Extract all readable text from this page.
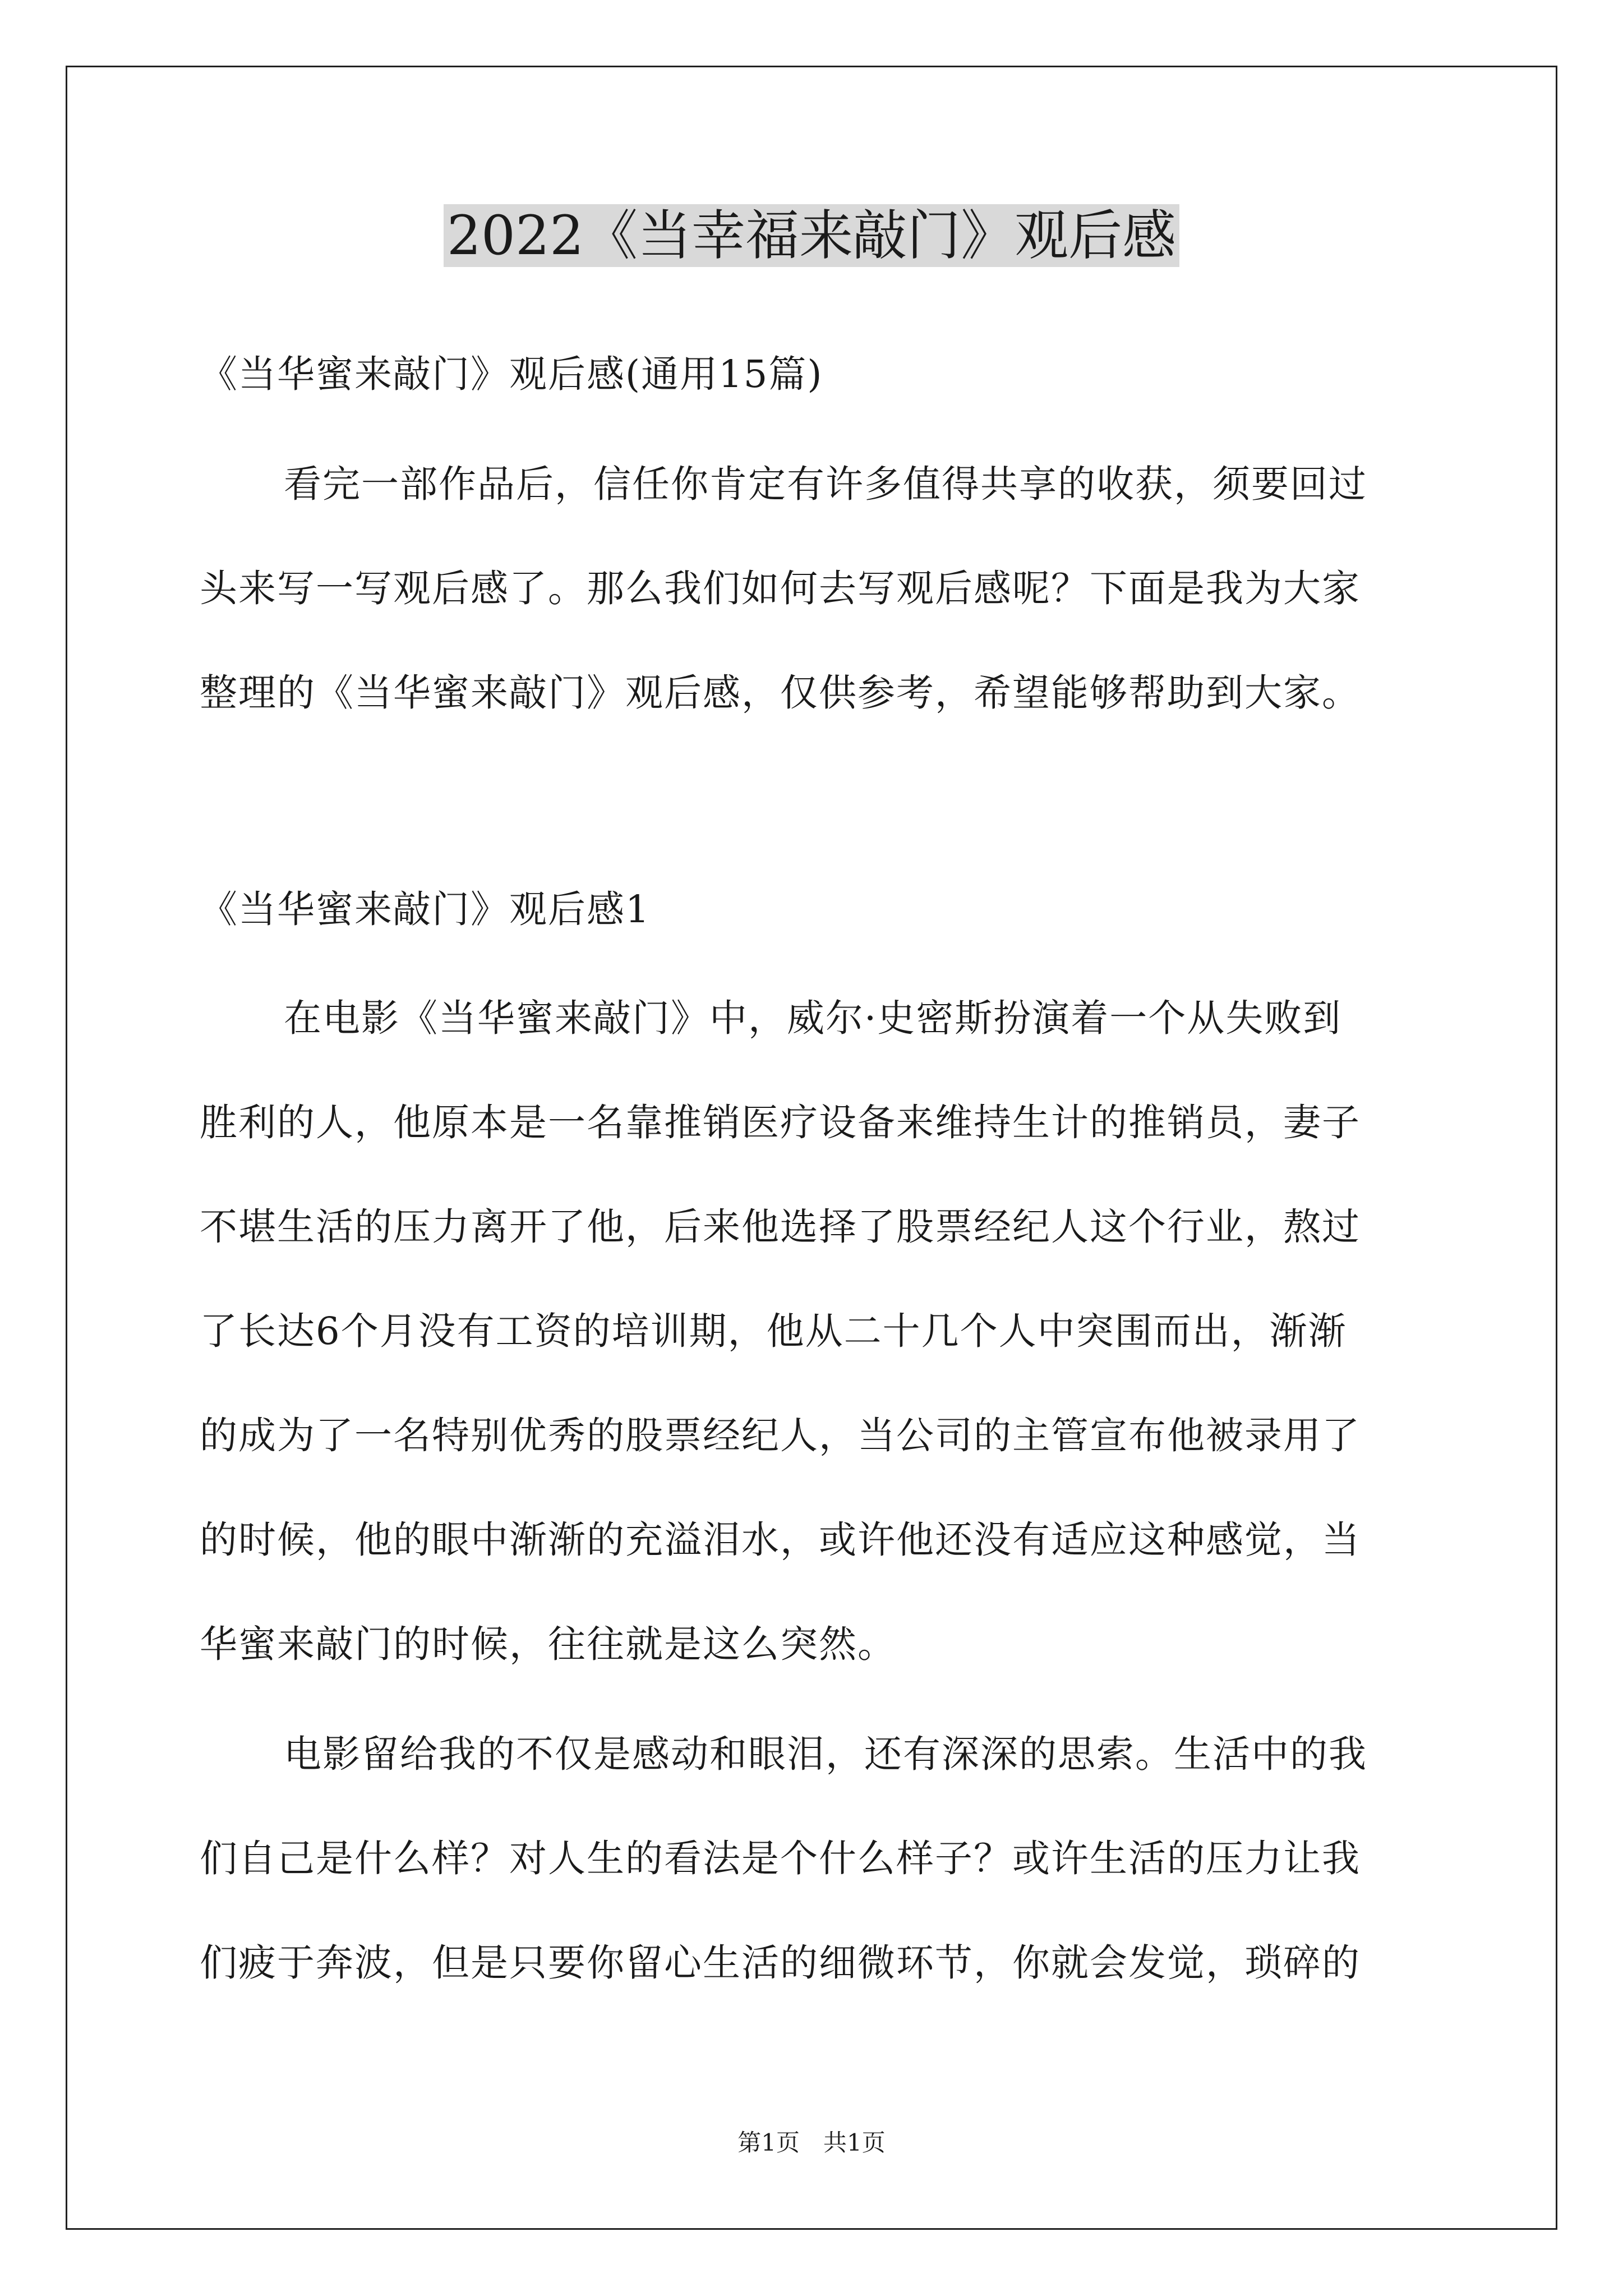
2022《当幸福来敲门》观后感
《当华蜜来敲门》观后感(通用15篇)
看完一部作品后，信任你肯定有许多值得共享的收获，须要回过
头来写一写观后感了。那么我们如何去写观后感呢？下面是我为大家
整理的《当华蜜来敲门》观后感，仅供参考，希望能够帮助到大家。
《当华蜜来敲门》观后感1
在电影《当华蜜来敲门》中，威尔·史密斯扮演着一个从失败到
胜利的人，他原本是一名靠推销医疗设备来维持生计的推销员，妻子
不堪生活的压力离开了他，后来他选择了股票经纪人这个行业，熬过
了长达6个月没有工资的培训期，他从二十几个人中突围而出，渐渐
的成为了一名特别优秀的股票经纪人，当公司的主管宣布他被录用了
的时候，他的眼中渐渐的充溢泪水，或许他还没有适应这种感觉，当
华蜜来敲门的时候，往往就是这么突然。
电影留给我的不仅是感动和眼泪，还有深深的思索。生活中的我
们自己是什么样？对人生的看法是个什么样子？或许生活的压力让我
们疲于奔波，但是只要你留心生活的细微环节，你就会发觉，琐碎的
第1页　共1页
